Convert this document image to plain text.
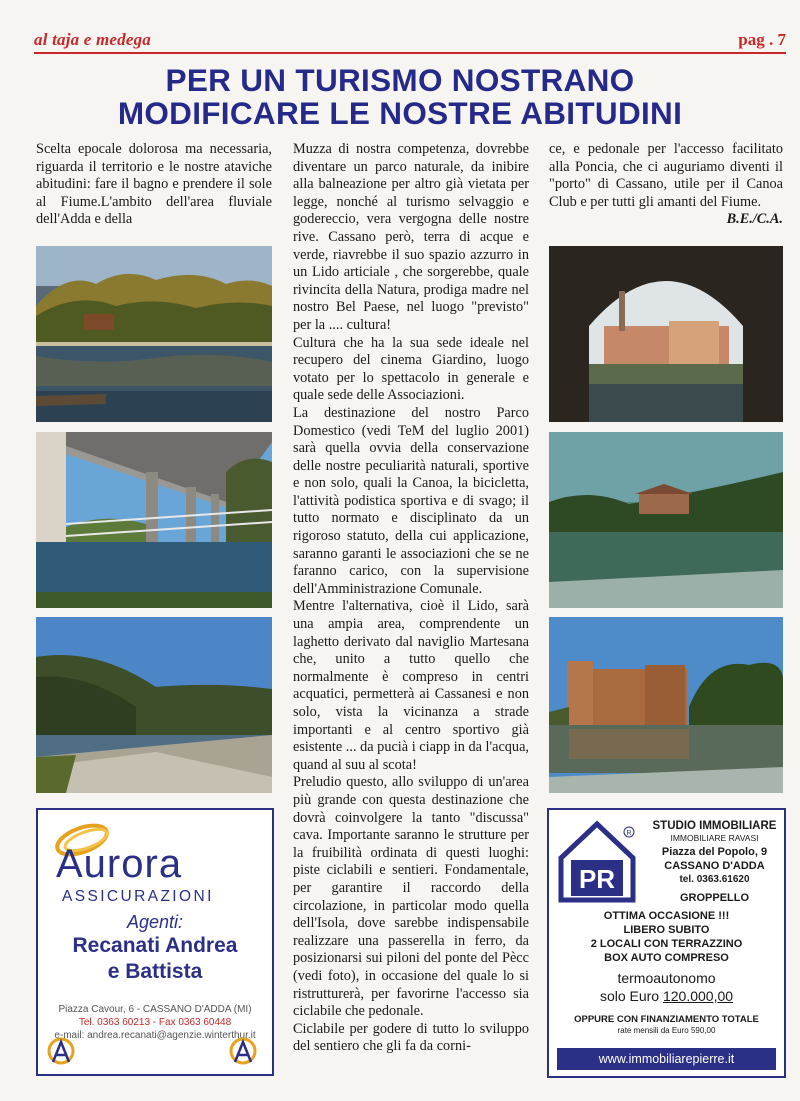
al taja e medega	pag . 7
PER UN TURISMO NOSTRANO
MODIFICARE LE NOSTRE ABITUDINI

Scelta epocale dolorosa ma necessaria, riguarda il territorio e le nostre ataviche abitudini: fare il bagno e prendere il sole al Fiume.L'ambito dell'area fluviale dell'Adda e della

Muzza di nostra competenza, dovrebbe diventare un parco naturale, da inibire alla balneazione per altro già vietata per legge, nonché al turismo selvaggio e godereccio, vera vergogna delle nostre rive. Cassano però, terra di acque e verde, riavrebbe il suo spazio azzurro in un Lido articiale , che sorgerebbe, quale rivincita della Natura, prodiga madre nel nostro Bel Paese, nel luogo "previsto" per la .... cultura!

Cultura che ha la sua sede ideale nel recupero del cinema Giardino, luogo votato per lo spettacolo in generale e quale sede delle Associazioni.

La destinazione del nostro Parco Domestico (vedi TeM del luglio 2001) sarà quella ovvia della conservazione delle nostre peculiarità naturali, sportive e non solo, quali la Canoa, la bicicletta, l'attività podistica sportiva e di svago; il tutto normato e disciplinato da un rigoroso statuto, della cui applicazione, saranno garanti le associazioni che se ne faranno carico, con la supervisione dell'Amministrazione Comunale.

Mentre l'alternativa, cioè il Lido, sarà una ampia area, comprendente un laghetto derivato dal naviglio Martesana che, unito a tutto quello che normalmente è compreso in centri acquatici, permetterà ai Cassanesi e non solo, vista la vicinanza a strade importanti e al centro sportivo già esistente ... da pucià i ciapp in da l'acqua, quand al suu al scota!

Preludio questo, allo sviluppo di un'area più grande con questa destinazione che dovrà coinvolgere la tanto "discussa" cava. Importante saranno le strutture per la fruibilità ordinata di questi luoghi: piste ciclabili e sentieri. Fondamentale, per garantire il raccordo della circolazione, in particolar modo quella dell'Isola, dove sarebbe indispensabile realizzare una passerella in ferro, da posizionarsi sui piloni del ponte del Pècc (vedi foto), in occasione del quale lo si ristrutturerà, per favorirne l'accesso sia ciclabile che pedonale.

Ciclabile per godere di tutto lo sviluppo del sentiero che gli fa da corni-

ce, e pedonale per l'accesso facilitato alla Poncia, che ci auguriamo diventi il "porto" di Cassano, utile per il Canoa Club e per tutti gli amanti del Fiume.

B.E./C.A.

Aurora
ASSICURAZIONI
Agenti:
Recanati Andrea
e Battista
Piazza Cavour, 6 - CASSANO D'ADDA (MI)
Tel. 0363 60213 - Fax 0363 60448
e-mail: andrea.recanati@agenzie.winterthur.it
PR
R
STUDIO IMMOBILIARE
IMMOBILIARE RAVASI
Piazza del Popolo, 9
CASSANO D'ADDA
tel. 0363.61620
GROPPELLO
OTTIMA OCCASIONE !!!
LIBERO SUBITO
2 LOCALI CON TERRAZZINO
BOX AUTO COMPRESO
termoautonomo
solo Euro 120.000,00
OPPURE CON FINANZIAMENTO TOTALE
rate mensili da Euro 590,00
www.immobiliarepierre.it
